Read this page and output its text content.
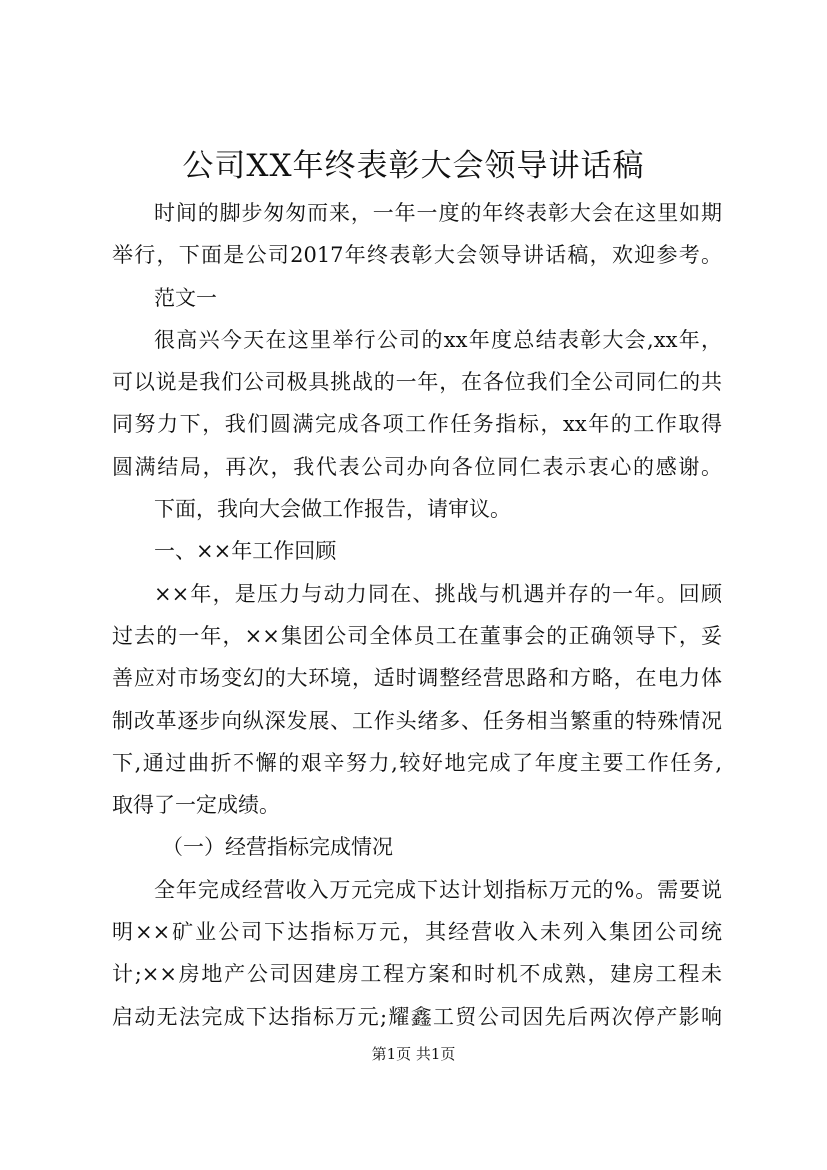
公司XX年终表彰大会领导讲话稿
时间的脚步匆匆而来，一年一度的年终表彰大会在这里如期
举行，下面是公司2017年终表彰大会领导讲话稿，欢迎参考。
范文一
很高兴今天在这里举行公司的xx年度总结表彰大会,xx年，
可以说是我们公司极具挑战的一年，在各位我们全公司同仁的共
同努力下，我们圆满完成各项工作任务指标，xx年的工作取得
圆满结局，再次，我代表公司办向各位同仁表示衷心的感谢。
下面，我向大会做工作报告，请审议。
一、××年工作回顾
××年，是压力与动力同在、挑战与机遇并存的一年。回顾
过去的一年，××集团公司全体员工在董事会的正确领导下，妥
善应对市场变幻的大环境，适时调整经营思路和方略，在电力体
制改革逐步向纵深发展、工作头绪多、任务相当繁重的特殊情况
下,通过曲折不懈的艰辛努力,较好地完成了年度主要工作任务,
取得了一定成绩。
（一）经营指标完成情况
全年完成经营收入万元完成下达计划指标万元的%。需要说
明××矿业公司下达指标万元，其经营收入未列入集团公司统
计;××房地产公司因建房工程方案和时机不成熟，建房工程未
启动无法完成下达指标万元;耀鑫工贸公司因先后两次停产影响
第1页 共1页
